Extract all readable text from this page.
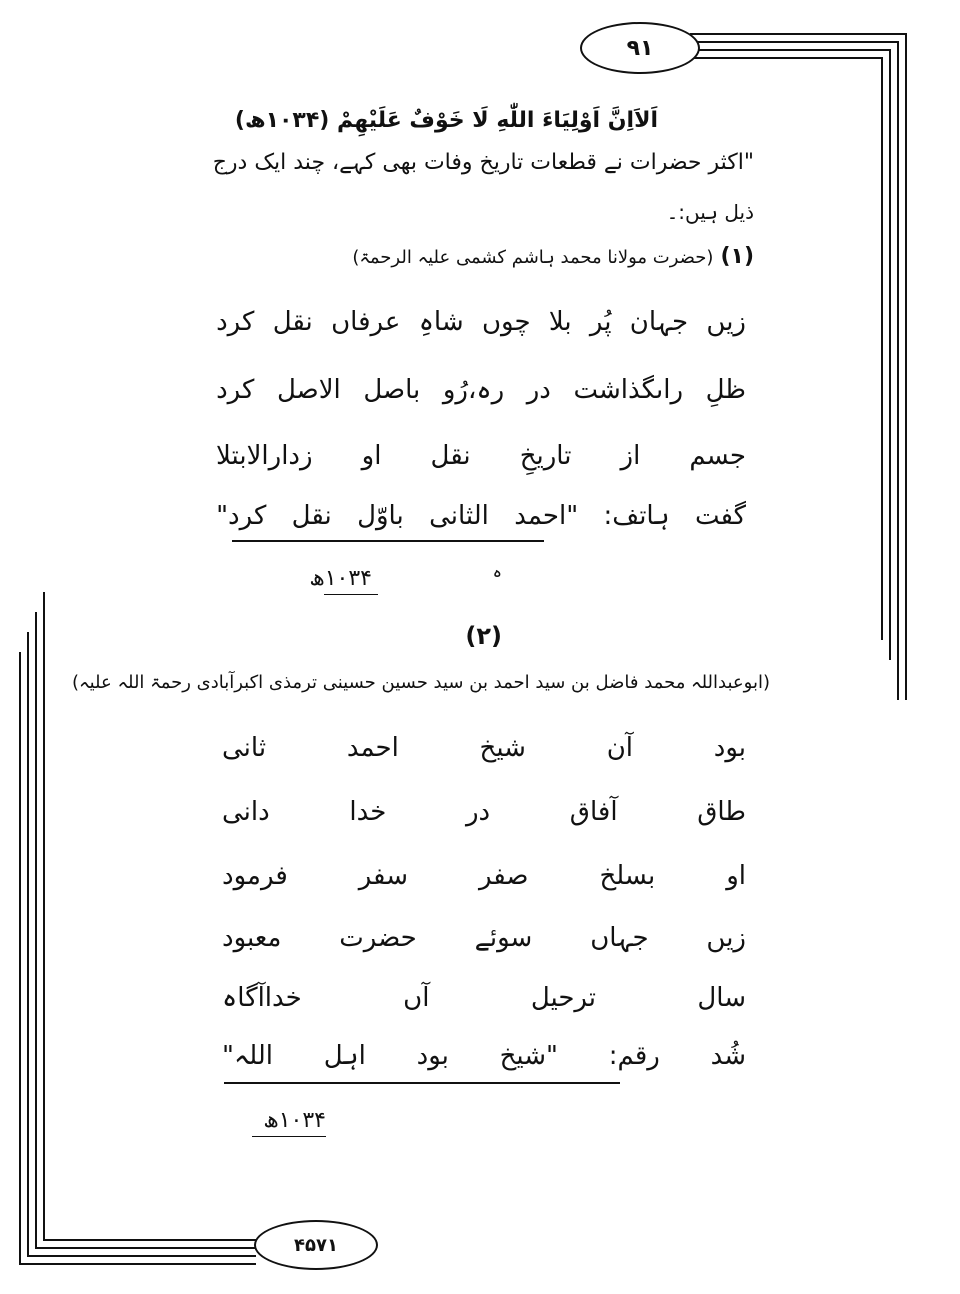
٩١
اَلاَاِنَّ اَوْلِيَاءَ اللّٰهِ لَا خَوْفٌ عَلَيْهِمْ (۱۰۳۴ھ)
"اکثر حضرات نے قطعات تاریخ وفات بھی کہے، چند ایک درج
ذیل ہیں:۔
(۱) (حضرت مولانا محمد ہاشم کشمی علیہ الرحمۃ)
زیں
جہان
پُر
بلا
چوں
شاہِ
عرفاں
نقل
کرد
ظلِ
راںگذاشت
در
رہ،رُو
باصل
الاصل
کرد
جسم
از
تاریخِ
نقل
او
زدارالابتلا
گفت
ہاتف:
"احمد
الثانی
باوّل
نقل
کرد"
ہ
۱۰۳۴ھ
(۲)
(ابوعبداللہ محمد فاضل بن سید احمد بن سید حسین حسینی ترمذی اکبرآبادی رحمۃ اللہ علیہ)
بود
آن
شیخ
احمد
ثانی
طاق
آفاق
در
خدا
دانی
او
بسلخ
صفر
سفر
فرمود
زیں
جہاں
سوئے
حضرت
معبود
سال
ترحیل
آں
خداآگاہ
شُد
رقم:
"شیخ
بود
اہل
اللہ"
۱۰۳۴ھ
۴۵۷١
